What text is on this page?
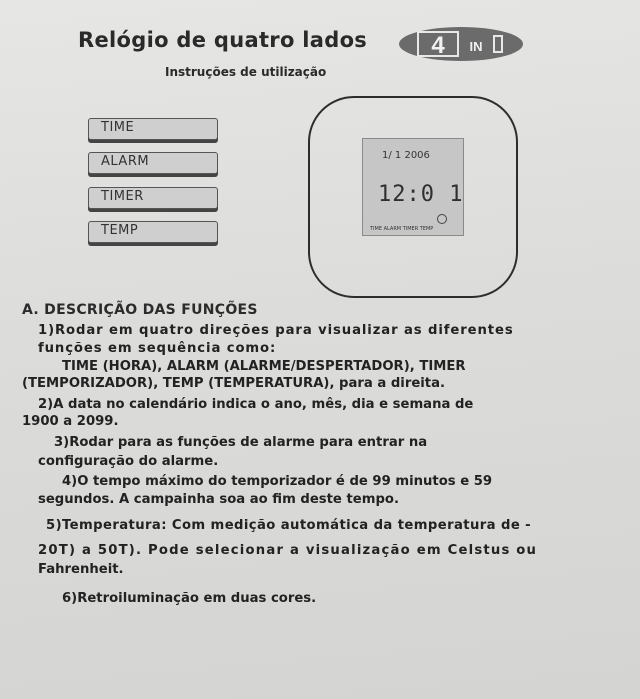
Relógio de quatro lados	4 IN
Instruções de utilização
TIME
ALARM
TIMER
TEMP
1/ 1 2006
12:0 1
TIME ALARM TIMER TEMP
A. DESCRIÇÃO DAS FUNÇÕES
1)Rodar em quatro direções para visualizar as diferentes
funções em sequência como:
TIME (HORA), ALARM (ALARME/DESPERTADOR), TIMER
(TEMPORIZADOR), TEMP (TEMPERATURA), para a direita.
2)A data no calendário indica o ano, mês, dia e semana de
1900 a 2099.
3)Rodar para as funções de alarme para entrar na
configuração do alarme.
4)O tempo máximo do temporizador é de 99 minutos e 59
segundos. A campainha soa ao fim deste tempo.
5)Temperatura: Com medição automática da temperatura de -
20T) a 50T). Pode selecionar a visualização em Celstus ou
Fahrenheit.
6)Retroiluminação em duas cores.
